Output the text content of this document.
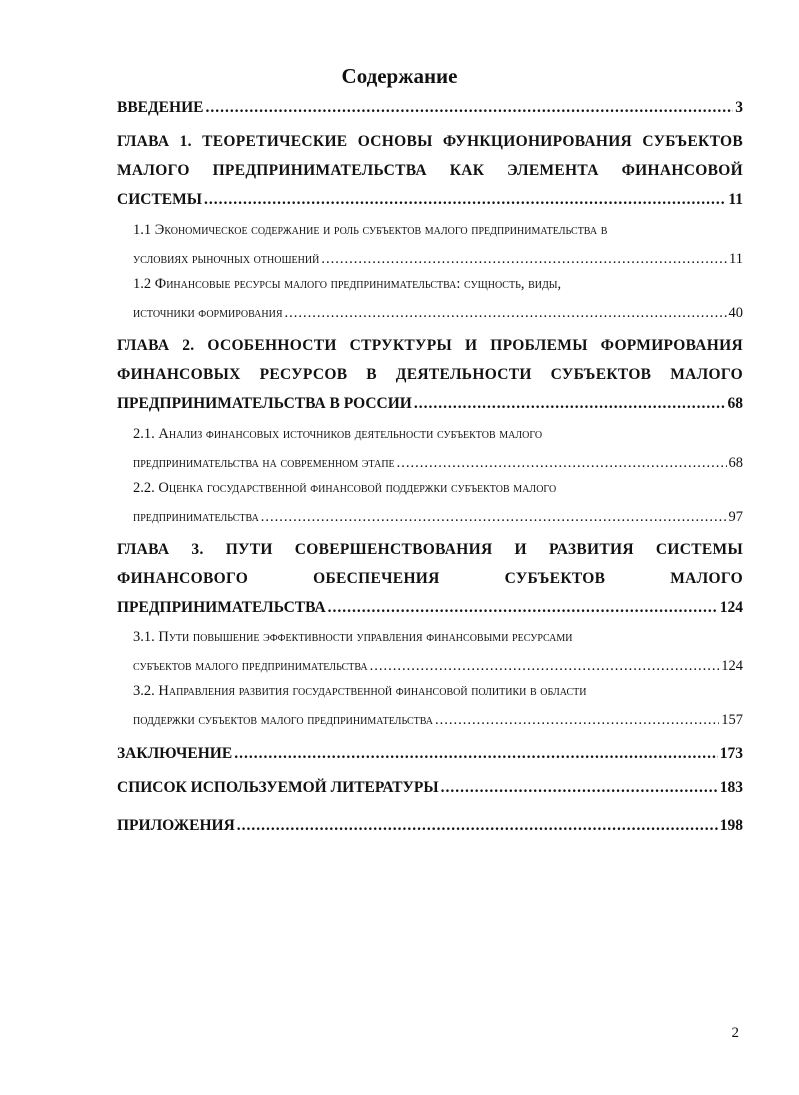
Содержание
ВВЕДЕНИЕ .....	3
ГЛАВА 1. ТЕОРЕТИЧЕСКИЕ ОСНОВЫ ФУНКЦИОНИРОВАНИЯ СУБЪЕКТОВ
МАЛОГО ПРЕДПРИНИМАТЕЛЬСТВА КАК ЭЛЕМЕНТА ФИНАНСОВОЙ
СИСТЕМЫ .....	11
1.1 Экономическое содержание и роль субъектов малого предпринимательства в
условиях рыночных отношений .....	11
1.2 Финансовые ресурсы малого предпринимательства: сущность, виды,
источники формирования .....	40
ГЛАВА 2. ОСОБЕННОСТИ СТРУКТУРЫ И ПРОБЛЕМЫ ФОРМИРОВАНИЯ
ФИНАНСОВЫХ РЕСУРСОВ В ДЕЯТЕЛЬНОСТИ СУБЪЕКТОВ МАЛОГО
ПРЕДПРИНИМАТЕЛЬСТВА В РОССИИ .....	68
2.1. Анализ финансовых источников деятельности субъектов малого
предпринимательства на современном этапе .....	68
2.2. Оценка государственной финансовой поддержки субъектов малого
предпринимательства .....	97
ГЛАВА 3. ПУТИ СОВЕРШЕНСТВОВАНИЯ И РАЗВИТИЯ СИСТЕМЫ
ФИНАНСОВОГО	ОБЕСПЕЧЕНИЯ	СУБЪЕКТОВ	МАЛОГО
ПРЕДПРИНИМАТЕЛЬСТВА .....	124
3.1. Пути повышение эффективности управления финансовыми ресурсами
субъектов малого предпринимательства .....	124
3.2. Направления развития государственной финансовой политики в области
поддержки субъектов малого предпринимательства .....	157
ЗАКЛЮЧЕНИЕ .....	173
СПИСОК ИСПОЛЬЗУЕМОЙ ЛИТЕРАТУРЫ .....	183
ПРИЛОЖЕНИЯ .....	198
2
